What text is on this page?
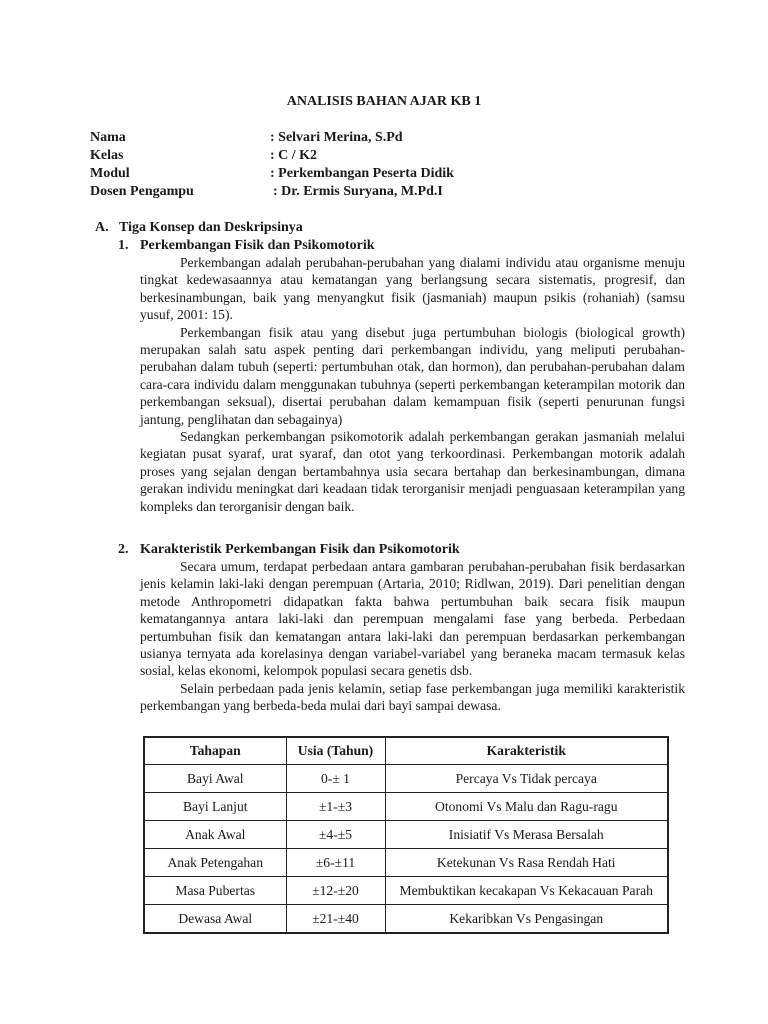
ANALISIS BAHAN AJAR KB 1
Nama	: Selvari Merina, S.Pd
Kelas	: C / K2
Modul	: Perkembangan Peserta Didik
Dosen Pengampu	: Dr. Ermis Suryana, M.Pd.I
A. Tiga Konsep dan Deskripsinya
1. Perkembangan Fisik dan Psikomotorik

Perkembangan adalah perubahan-perubahan yang dialami individu atau organisme menuju tingkat kedewasaannya atau kematangan yang berlangsung secara sistematis, progresif, dan berkesinambungan, baik yang menyangkut fisik (jasmaniah) maupun psikis (rohaniah) (samsu yusuf, 2001: 15).

Perkembangan fisik atau yang disebut juga pertumbuhan biologis (biological growth) merupakan salah satu aspek penting dari perkembangan individu, yang meliputi perubahan-perubahan dalam tubuh (seperti: pertumbuhan otak, dan hormon), dan perubahan-perubahan dalam cara-cara individu dalam menggunakan tubuhnya (seperti perkembangan keterampilan motorik dan perkembangan seksual), disertai perubahan dalam kemampuan fisik (seperti penurunan fungsi jantung, penglihatan dan sebagainya)

Sedangkan perkembangan psikomotorik adalah perkembangan gerakan jasmaniah melalui kegiatan pusat syaraf, urat syaraf, dan otot yang terkoordinasi. Perkembangan motorik adalah proses yang sejalan dengan bertambahnya usia secara bertahap dan berkesinambungan, dimana gerakan individu meningkat dari keadaan tidak terorganisir menjadi penguasaan keterampilan yang kompleks dan terorganisir dengan baik.

2. Karakteristik Perkembangan Fisik dan Psikomotorik

Secara umum, terdapat perbedaan antara gambaran perubahan-perubahan fisik berdasarkan jenis kelamin laki-laki dengan perempuan (Artaria, 2010; Ridlwan, 2019). Dari penelitian dengan metode Anthropometri didapatkan fakta bahwa pertumbuhan baik secara fisik maupun kematangannya antara laki-laki dan perempuan mengalami fase yang berbeda. Perbedaan pertumbuhan fisik dan kematangan antara laki-laki dan perempuan berdasarkan perkembangan usianya ternyata ada korelasinya dengan variabel-variabel yang beraneka macam termasuk kelas sosial, kelas ekonomi, kelompok populasi secara genetis dsb.

Selain perbedaan pada jenis kelamin, setiap fase perkembangan juga memiliki karakteristik perkembangan yang berbeda-beda mulai dari bayi sampai dewasa.

Tahapan	Usia (Tahun)	Karakteristik
Bayi Awal	0-± 1	Percaya Vs Tidak percaya
Bayi Lanjut	±1-±3	Otonomi Vs Malu dan Ragu-ragu
Anak Awal	±4-±5	Inisiatif Vs Merasa Bersalah
Anak Petengahan	±6-±11	Ketekunan Vs Rasa Rendah Hati
Masa Pubertas	±12-±20	Membuktikan kecakapan Vs Kekacauan Parah
Dewasa Awal	±21-±40	Kekaribkan Vs Pengasingan
